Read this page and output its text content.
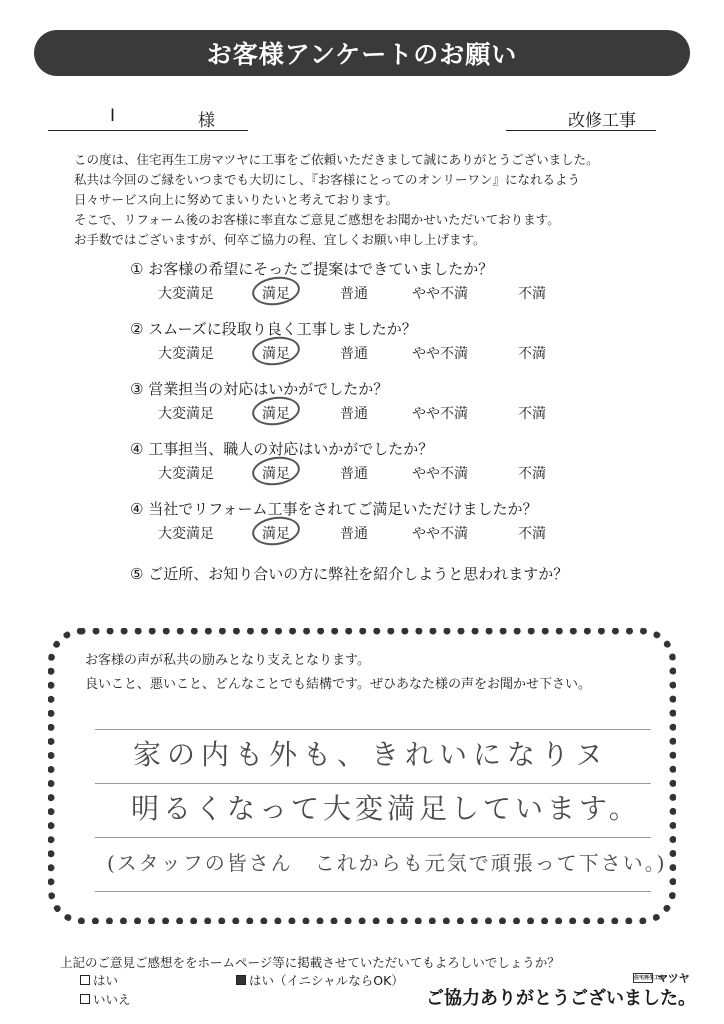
お客様アンケートのお願い
I	様	改修工事
この度は、住宅再生工房マツヤに工事をご依頼いただきまして誠にありがとうございました。
私共は今回のご縁をいつまでも大切にし、『お客様にとってのオンリーワン』になれるよう
日々サービス向上に努めてまいりたいと考えております。
そこで、リフォーム後のお客様に率直なご意見ご感想をお聞かせいただいております。
お手数ではございますが、何卒ご協力の程、宜しくお願い申し上げます。
① お客様の希望にそったご提案はできていましたか？
大変満足	満足	普通	やや不満	不満
② スムーズに段取り良く工事しましたか？
大変満足	満足	普通	やや不満	不満
③ 営業担当の対応はいかがでしたか？
大変満足	満足	普通	やや不満	不満
④ 工事担当、職人の対応はいかがでしたか？
大変満足	満足	普通	やや不満	不満
④ 当社でリフォーム工事をされてご満足いただけましたか？
大変満足	満足	普通	やや不満	不満
⑤ ご近所、お知り合いの方に弊社を紹介しようと思われますか？
お客様の声が私共の励みとなり支えとなります。
良いこと、悪いこと、どんなことでも結構です。ぜひあなた様の声をお聞かせ下さい。
家の内も外も、きれいになりヌ
明るくなって大変満足しています。
(スタッフの皆さん　これからも元気で頑張って下さい。)
上記のご意見ご感想ををホームページ等に掲載させていただいてもよろしいでしょうか？
はい
いいえ
はい（イニシャルならOK）	住宅再生工房
マツヤ
ご協力ありがとうございました。
